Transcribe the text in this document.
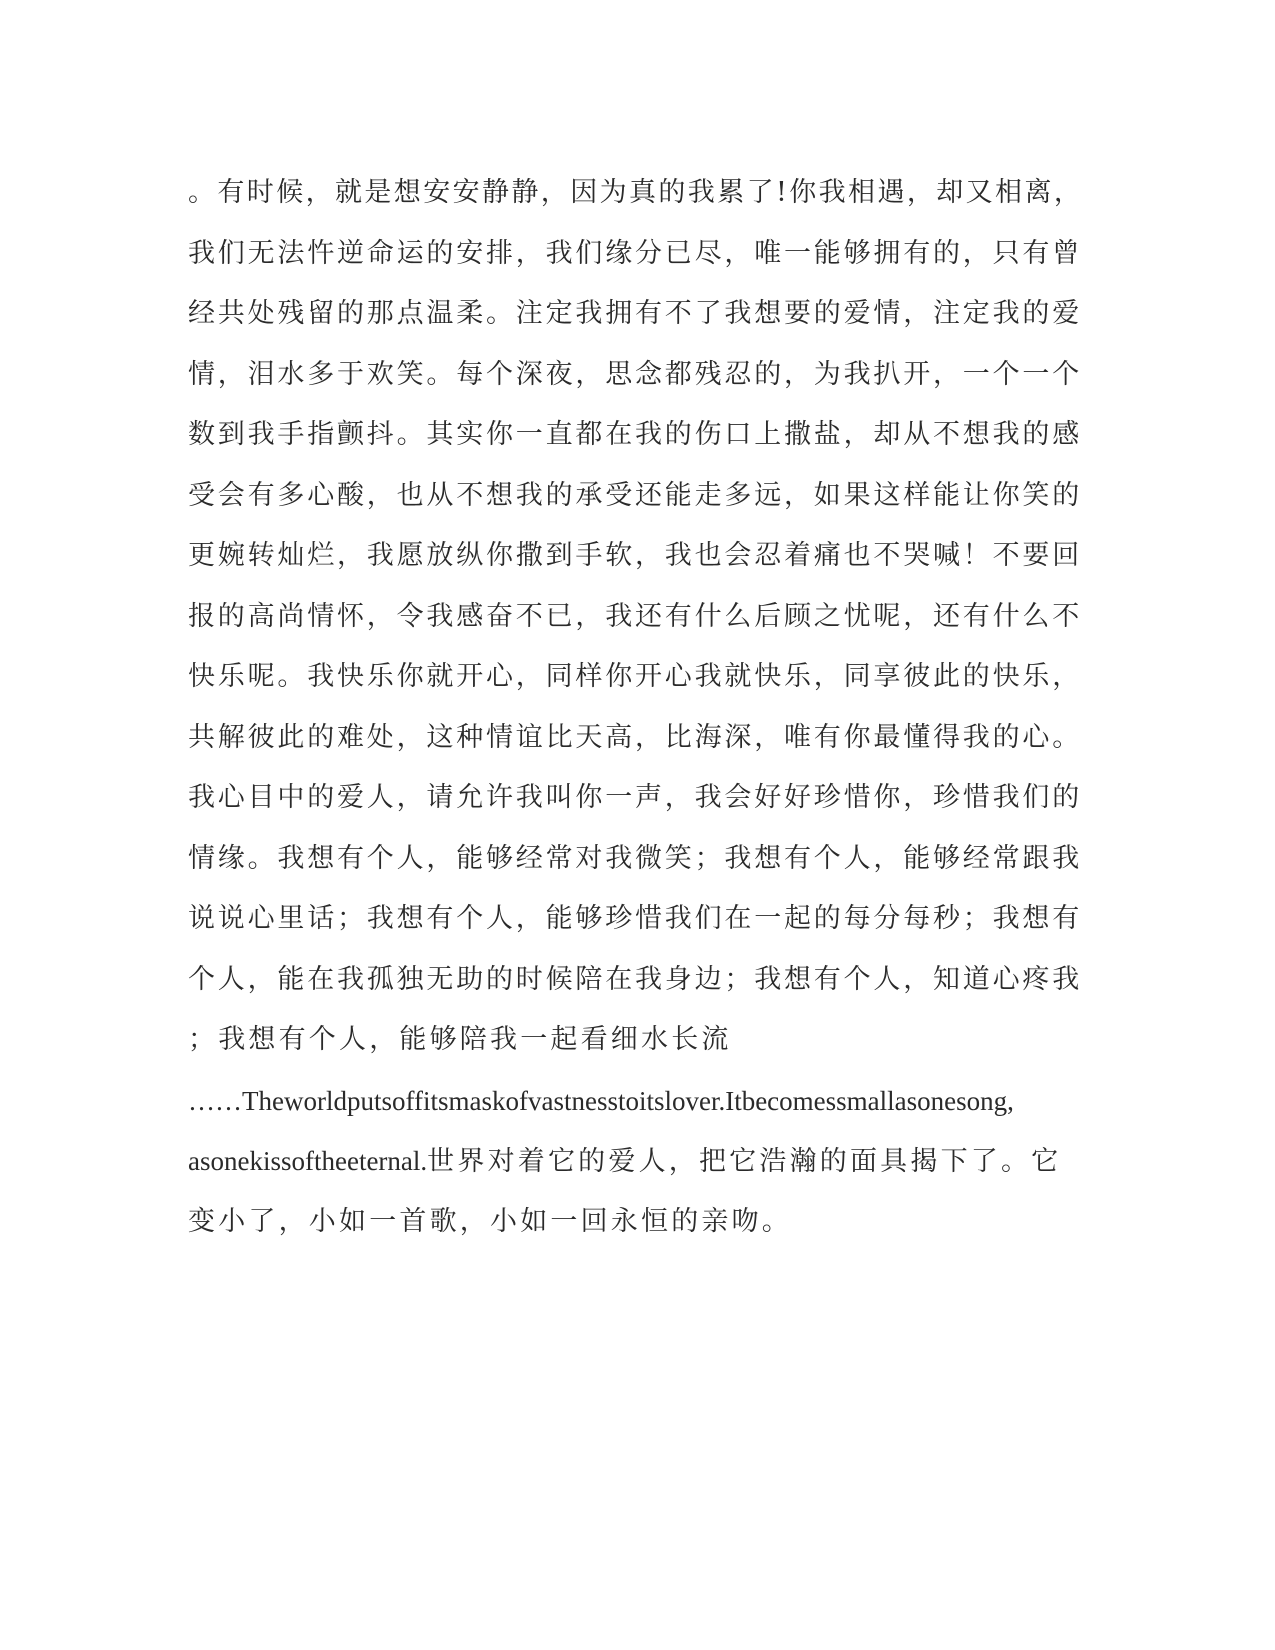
。有时候，就是想安安静静，因为真的我累了!你我相遇，却又相离，
我们无法忤逆命运的安排，我们缘分已尽，唯一能够拥有的，只有曾
经共处残留的那点温柔。注定我拥有不了我想要的爱情，注定我的爱
情，泪水多于欢笑。每个深夜，思念都残忍的，为我扒开，一个一个
数到我手指颤抖。其实你一直都在我的伤口上撒盐，却从不想我的感
受会有多心酸，也从不想我的承受还能走多远，如果这样能让你笑的
更婉转灿烂，我愿放纵你撒到手软，我也会忍着痛也不哭喊！不要回
报的高尚情怀，令我感奋不已，我还有什么后顾之忧呢，还有什么不
快乐呢。我快乐你就开心，同样你开心我就快乐，同享彼此的快乐，
共解彼此的难处，这种情谊比天高，比海深，唯有你最懂得我的心。
我心目中的爱人，请允许我叫你一声，我会好好珍惜你，珍惜我们的
情缘。我想有个人，能够经常对我微笑；我想有个人，能够经常跟我
说说心里话；我想有个人，能够珍惜我们在一起的每分每秒；我想有
个人，能在我孤独无助的时候陪在我身边；我想有个人，知道心疼我
；我想有个人，能够陪我一起看细水长流
……Theworldputsoffitsmaskofvastnesstoitslover.Itbecomessmallasonesong,
asonekissoftheeternal.世界对着它的爱人，把它浩瀚的面具揭下了。它
变小了，小如一首歌，小如一回永恒的亲吻。
